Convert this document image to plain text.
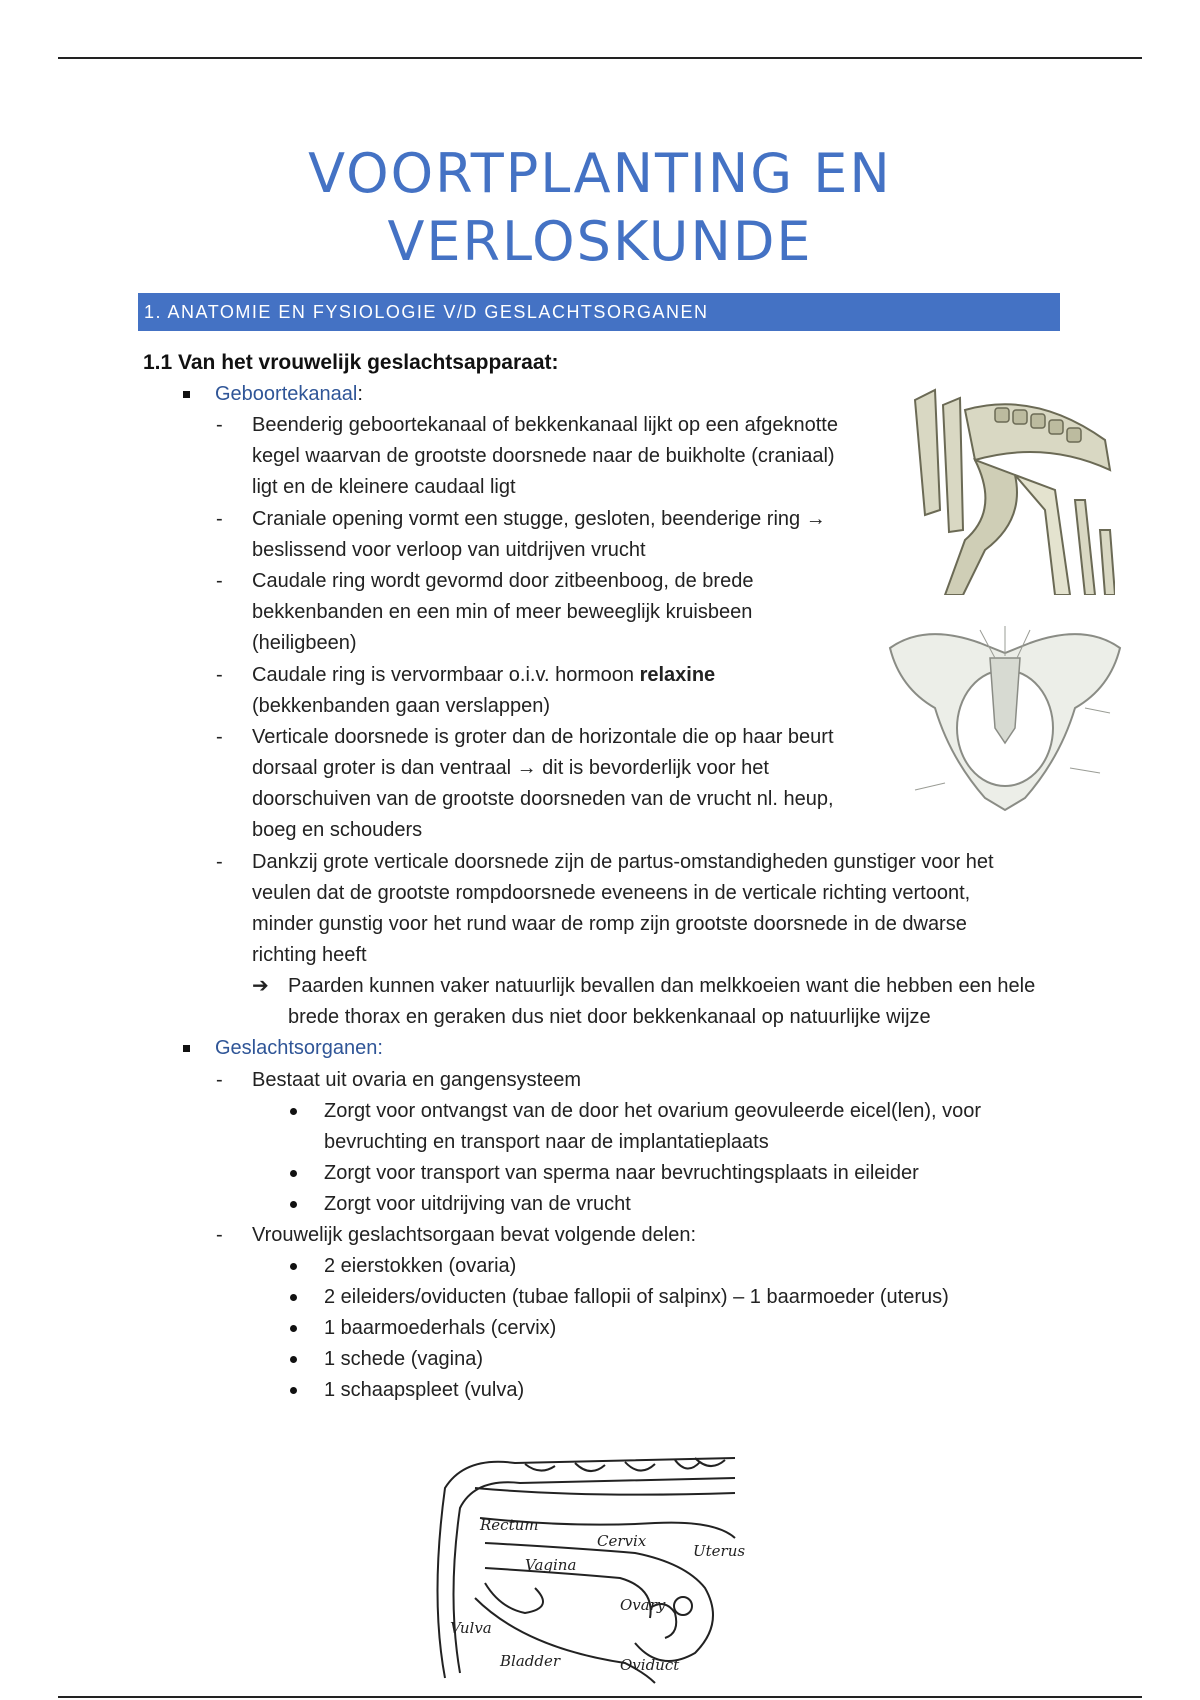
VOORTPLANTING EN
VERLOSKUNDE
1. ANATOMIE EN FYSIOLOGIE V/D GESLACHTSORGANEN
1.1 Van het vrouwelijk geslachtsapparaat:
Geboortekanaal:
- Beenderig geboortekanaal of bekkenkanaal lijkt op een afgeknotte
kegel waarvan de grootste doorsnede naar de buikholte (craniaal)
ligt en de kleinere caudaal ligt
- Craniale opening vormt een stugge, gesloten, beenderige ring →
beslissend voor verloop van uitdrijven vrucht
- Caudale ring wordt gevormd door zitbeenboog, de brede
bekkenbanden en een min of meer beweeglijk kruisbeen
(heiligbeen)
- Caudale ring is vervormbaar o.i.v. hormoon relaxine
(bekkenbanden gaan verslappen)
- Verticale doorsnede is groter dan de horizontale die op haar beurt
dorsaal groter is dan ventraal → dit is bevorderlijk voor het
doorschuiven van de grootste doorsneden van de vrucht nl. heup,
boeg en schouders
- Dankzij grote verticale doorsnede zijn de partus-omstandigheden gunstiger voor het
veulen dat de grootste rompdoorsnede eveneens in de verticale richting vertoont,
minder gunstig voor het rund waar de romp zijn grootste doorsnede in de dwarse
richting heeft
➔ Paarden kunnen vaker natuurlijk bevallen dan melkkoeien want die hebben een hele
brede thorax en geraken dus niet door bekkenkanaal op natuurlijke wijze
Geslachtsorganen:
- Bestaat uit ovaria en gangensysteem
Zorgt voor ontvangst van de door het ovarium geovuleerde eicel(len), voor
bevruchting en transport naar de implantatieplaats
Zorgt voor transport van sperma naar bevruchtingsplaats in eileider
Zorgt voor uitdrijving van de vrucht
- Vrouwelijk geslachtsorgaan bevat volgende delen:
2 eierstokken (ovaria)
2 eileiders/oviducten (tubae fallopii of salpinx) – 1 baarmoeder (uterus)
1 baarmoederhals (cervix)
1 schede (vagina)
1 schaapspleet (vulva)
Rectum
Cervix
Uterus
Vagina
Ovary
Vulva
Bladder	Oviduct
